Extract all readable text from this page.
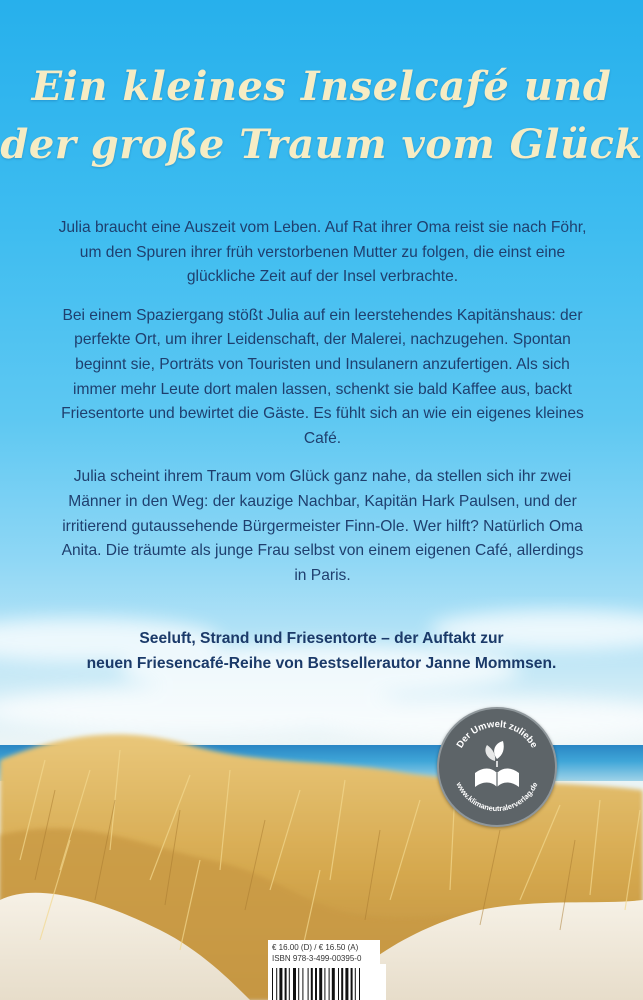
Ein kleines Inselcafé und
der große Traum vom Glück

Julia braucht eine Auszeit vom Leben. Auf Rat ihrer Oma reist sie nach Föhr, um den Spuren ihrer früh verstorbenen Mutter zu folgen, die einst eine glückliche Zeit auf der Insel verbrachte.

Bei einem Spaziergang stößt Julia auf ein leerstehendes Kapitänshaus: der perfekte Ort, um ihrer Leidenschaft, der Malerei, nachzugehen. Spontan beginnt sie, Porträts von Touristen und Insulanern anzufertigen. Als sich immer mehr Leute dort malen lassen, schenkt sie bald Kaffee aus, backt Friesentorte und bewirtet die Gäste. Es fühlt sich an wie ein eigenes kleines Café.

Julia scheint ihrem Traum vom Glück ganz nahe, da stellen sich ihr zwei Männer in den Weg: der kauzige Nachbar, Kapitän Hark Paulsen, und der irritierend gutaussehende Bürgermeister Finn-Ole. Wer hilft? Natürlich Oma Anita. Die träumte als junge Frau selbst von einem eigenen Café, allerdings in Paris.

Seeluft, Strand und Friesentorte – der Auftakt zur
neuen Friesencafé-Reihe von Bestsellerautor Janne Mommsen.
Der Umwelt zuliebe
www.klimaneutralerverlag.de
€ 16.00 (D) / € 16.50 (A)
ISBN 978-3-499-00395-0
